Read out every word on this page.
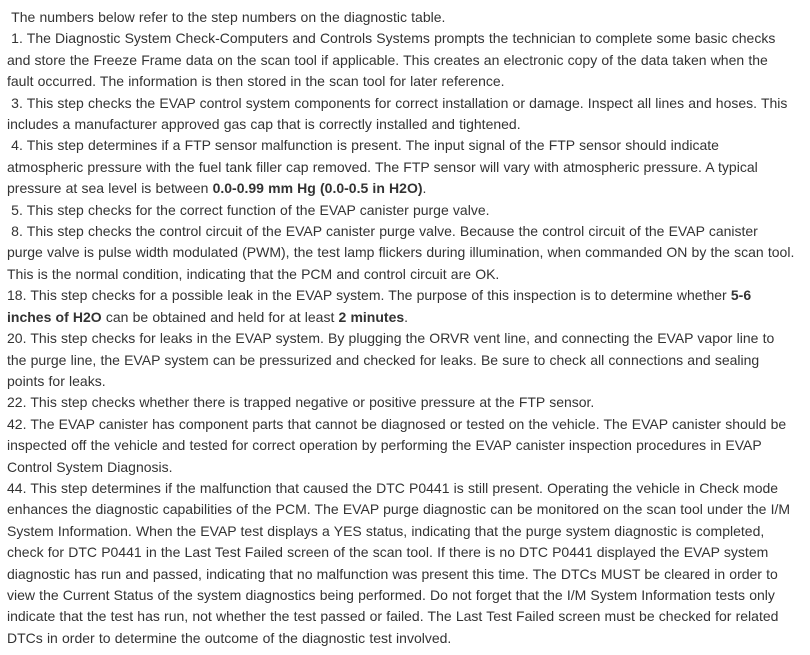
The numbers below refer to the step numbers on the diagnostic table.

1. The Diagnostic System Check-Computers and Controls Systems prompts the technician to complete some basic checks and store the Freeze Frame data on the scan tool if applicable. This creates an electronic copy of the data taken when the fault occurred. The information is then stored in the scan tool for later reference.

3. This step checks the EVAP control system components for correct installation or damage. Inspect all lines and hoses. This includes a manufacturer approved gas cap that is correctly installed and tightened.

4. This step determines if a FTP sensor malfunction is present. The input signal of the FTP sensor should indicate atmospheric pressure with the fuel tank filler cap removed. The FTP sensor will vary with atmospheric pressure. A typical pressure at sea level is between 0.0-0.99 mm Hg (0.0-0.5 in H2O).

5. This step checks for the correct function of the EVAP canister purge valve.

8. This step checks the control circuit of the EVAP canister purge valve. Because the control circuit of the EVAP canister purge valve is pulse width modulated (PWM), the test lamp flickers during illumination, when commanded ON by the scan tool. This is the normal condition, indicating that the PCM and control circuit are OK.

18. This step checks for a possible leak in the EVAP system. The purpose of this inspection is to determine whether 5-6 inches of H2O can be obtained and held for at least 2 minutes.

20. This step checks for leaks in the EVAP system. By plugging the ORVR vent line, and connecting the EVAP vapor line to the purge line, the EVAP system can be pressurized and checked for leaks. Be sure to check all connections and sealing points for leaks.

22. This step checks whether there is trapped negative or positive pressure at the FTP sensor.

42. The EVAP canister has component parts that cannot be diagnosed or tested on the vehicle. The EVAP canister should be inspected off the vehicle and tested for correct operation by performing the EVAP canister inspection procedures in EVAP Control System Diagnosis.

44. This step determines if the malfunction that caused the DTC P0441 is still present. Operating the vehicle in Check mode enhances the diagnostic capabilities of the PCM. The EVAP purge diagnostic can be monitored on the scan tool under the I/M System Information. When the EVAP test displays a YES status, indicating that the purge system diagnostic is completed, check for DTC P0441 in the Last Test Failed screen of the scan tool. If there is no DTC P0441 displayed the EVAP system diagnostic has run and passed, indicating that no malfunction was present this time. The DTCs MUST be cleared in order to view the Current Status of the system diagnostics being performed. Do not forget that the I/M System Information tests only indicate that the test has run, not whether the test passed or failed. The Last Test Failed screen must be checked for related DTCs in order to determine the outcome of the diagnostic test involved.
